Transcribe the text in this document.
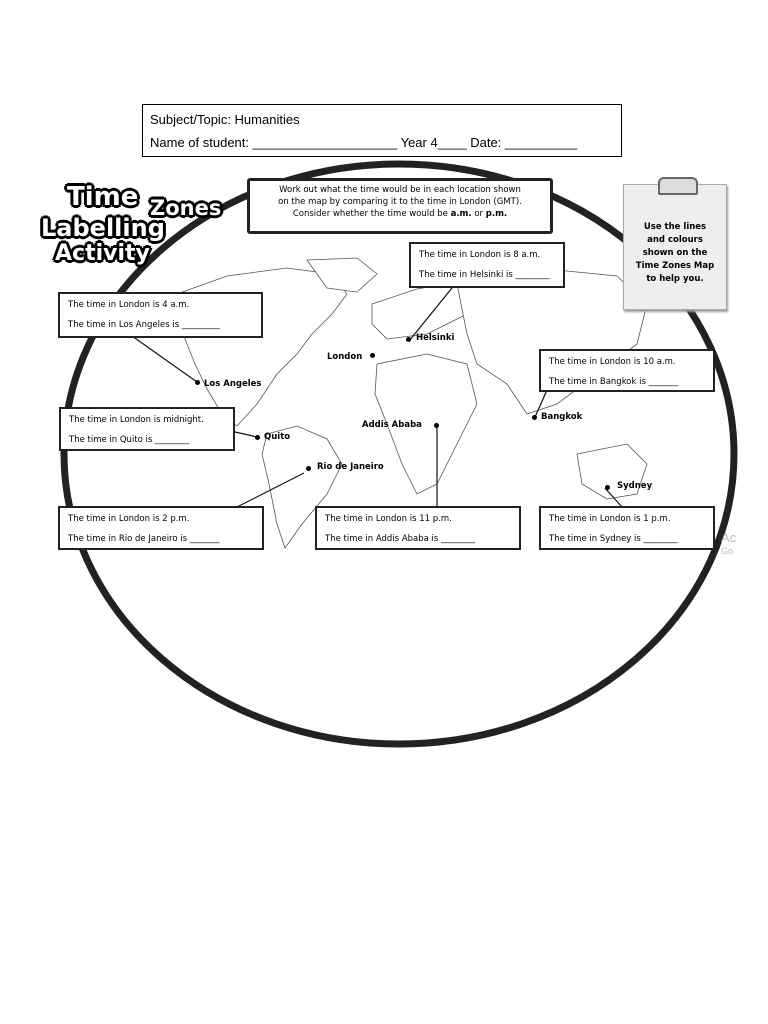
Subject/Topic: Humanities
Name of student: ____________________ Year 4____ Date: __________
Time Zones
Labelling
Activity
Work out what the time would be in each location shown
on the map by comparing it to the time in London (GMT).
Consider whether the time would be a.m. or p.m.
Use the lines
and colours
shown on the
Time Zones Map
to help you.
The time in London is 8 a.m.
The time in Helsinki is ________
The time in London is 4 a.m.
The time in Los Angeles is _________
The time in London is 10 a.m.
The time in Bangkok is _______
The time in London is midnight.
The time in Quito is ________
The time in London is 2 p.m.
The time in Rio de Janeiro is _______
The time in London is 11 p.m.
The time in Addis Ababa is ________
The time in London is 1 p.m.
The time in Sydney is ________
Helsinki
London
Los Angeles
Bangkok
Quito
Addis Ababa
Rio de Janeiro
Sydney
Ac
Go
